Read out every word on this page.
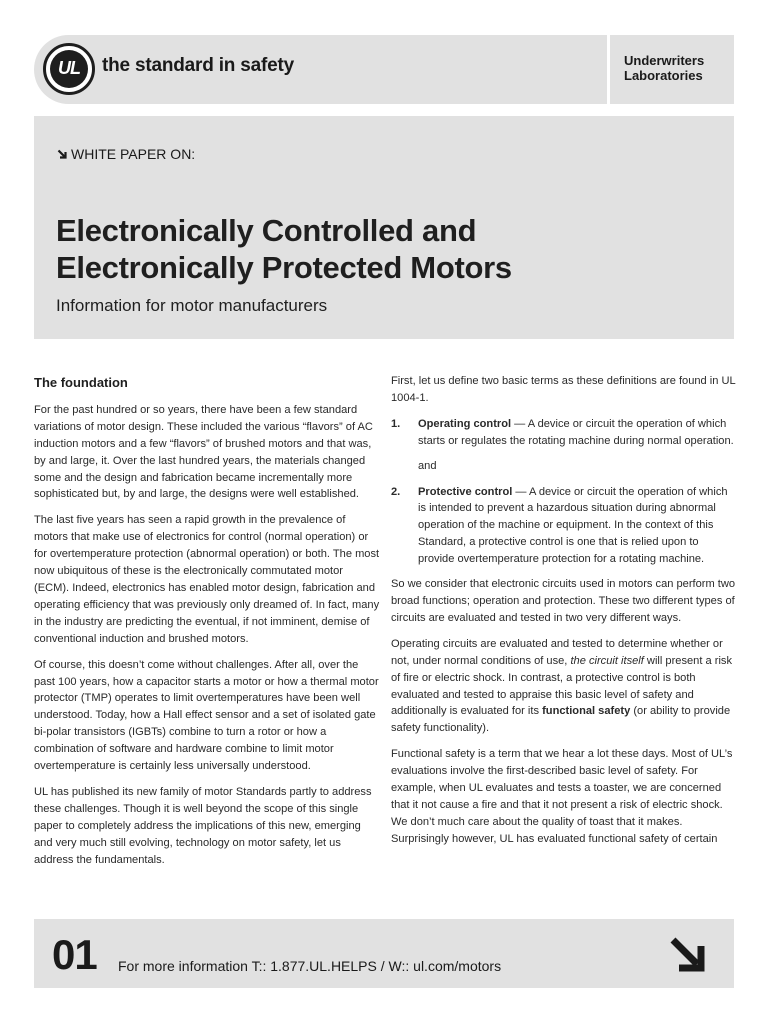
UL	the standard in safety	Underwriters
Laboratories
WHITE PAPER ON:
Electronically Controlled and
Electronically Protected Motors
Information for motor manufacturers
The foundation

For the past hundred or so years, there have been a few standard variations of motor design. These included the various “flavors” of AC induction motors and a few “flavors” of brushed motors and that was, by and large, it. Over the last hundred years, the materials changed some and the design and fabrication became incrementally more sophisticated but, by and large, the designs were well established.

The last five years has seen a rapid growth in the prevalence of motors that make use of electronics for control (normal operation) or for overtemperature protection (abnormal operation) or both. The most now ubiquitous of these is the electronically commutated motor (ECM). Indeed, electronics has enabled motor design, fabrication and operating efficiency that was previously only dreamed of. In fact, many in the industry are predicting the eventual, if not imminent, demise of conventional induction and brushed motors.

Of course, this doesn’t come without challenges. After all, over the past 100 years, how a capacitor starts a motor or how a thermal motor protector (TMP) operates to limit overtemperatures have been well understood. Today, how a Hall effect sensor and a set of isolated gate bi-polar transistors (IGBTs) combine to turn a rotor or how a combination of software and hardware combine to limit motor overtemperature is certainly less universally understood.

UL has published its new family of motor Standards partly to address these challenges. Though it is well beyond the scope of this single paper to completely address the implications of this new, emerging and very much still evolving, technology on motor safety, let us address the fundamentals.

First, let us define two basic terms as these definitions are found in UL 1004-1.

1. Operating control — A device or circuit the operation of which starts or regulates the rotating machine during normal operation.
and
2. Protective control — A device or circuit the operation of which is intended to prevent a hazardous situation during abnormal operation of the machine or equipment. In the context of this Standard, a protective control is one that is relied upon to provide overtemperature protection for a rotating machine.

So we consider that electronic circuits used in motors can perform two broad functions; operation and protection. These two different types of circuits are evaluated and tested in two very different ways.

Operating circuits are evaluated and tested to determine whether or not, under normal conditions of use, the circuit itself will present a risk of fire or electric shock. In contrast, a protective control is both evaluated and tested to appraise this basic level of safety and additionally is evaluated for its functional safety (or ability to provide safety functionality).

Functional safety is a term that we hear a lot these days. Most of UL’s evaluations involve the first-described basic level of safety. For example, when UL evaluates and tests a toaster, we are concerned that it not cause a fire and that it not present a risk of electric shock. We don’t much care about the quality of toast that it makes. Surprisingly however, UL has evaluated functional safety of certain

01 For more information T:: 1.877.UL.HELPS / W:: ul.com/motors
